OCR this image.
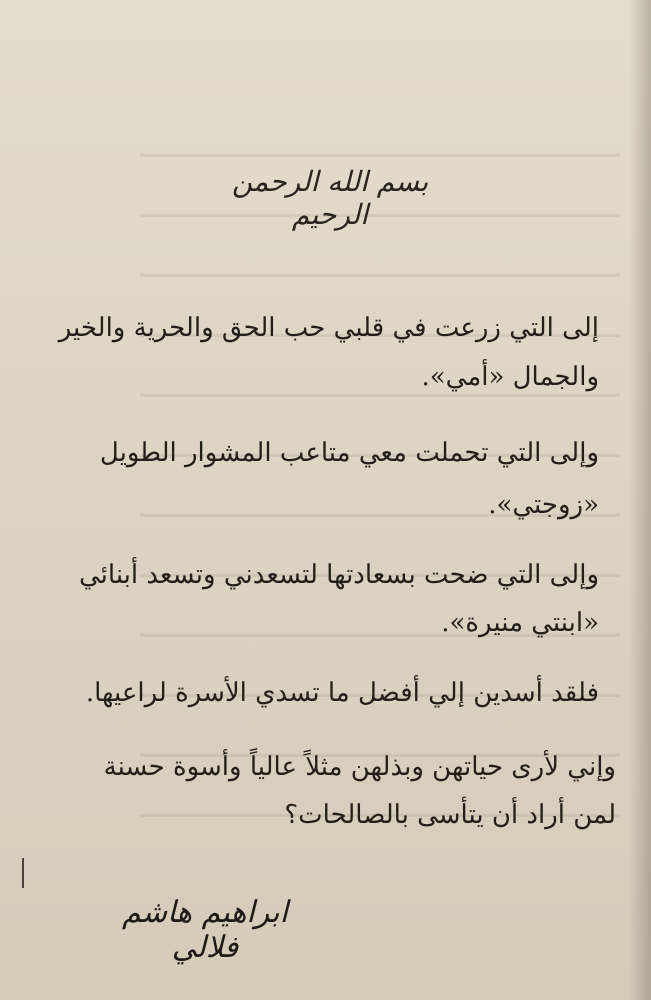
بسم الله الرحمن الرحيم
إلى التي زرعت في قلبي حب الحق والحرية والخير
والجمال «أمي».
وإلى التي تحملت معي متاعب المشوار الطويل
«زوجتي».
وإلى التي ضحت بسعادتها لتسعدني وتسعد أبنائي
«ابنتي منيرة».
فلقد أسدين إلي أفضل ما تسدي الأسرة لراعيها.
وإني لأرى حياتهن وبذلهن مثلاً عالياً وأسوة حسنة
لمن أراد أن يتأسى بالصالحات؟
ابراهيم هاشم فلالي
